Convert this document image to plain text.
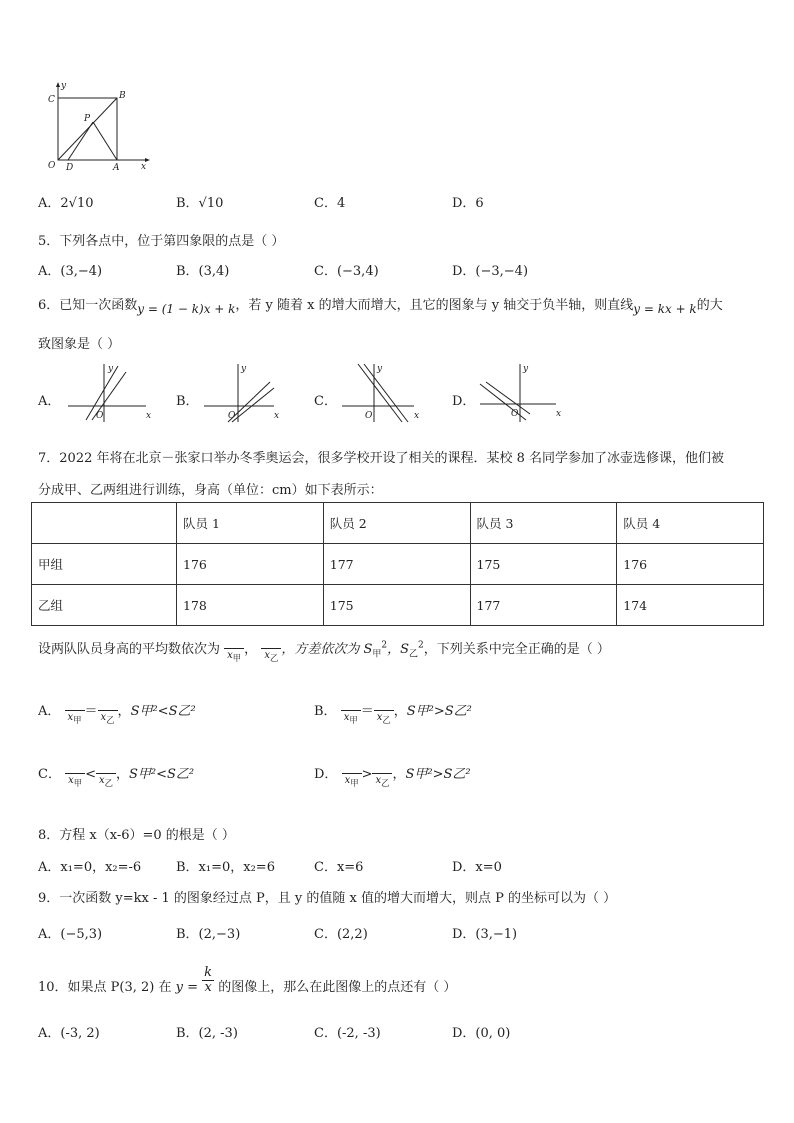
y
x
C	B
P
O D	A
A．2√10	B．√10	C．4	D．6
5．下列各点中，位于第四象限的点是（ ）
A．(3,−4)	B．(3,4)	C．(−3,4)	D．(−3,−4)
6．已知一次函数y = (1 − k)x + k，若 y 随着 x 的增大而增大，且它的图象与 y 轴交于负半轴，则直线y = kx + k的大
致图象是（ ）
A．
y
x
O
B．
y
x
O
C．
y
x
O
D．
y
x
O
7．2022 年将在北京－张家口举办冬季奥运会，很多学校开设了相关的课程．某校 8 名同学参加了冰壶选修课，他们被
分成甲、乙两组进行训练，身高（单位：cm）如下表所示：
	队员 1	队员 2	队员 3	队员 4
甲组	176	177	175	176
乙组	178	175	177	174
设两队队员身高的平均数依次为 $x_甲$
， $x_乙$
，方差依次为 $S_甲^2$，$S_乙^2$，下列关系中完全正确的是（ ）
A． $x_甲$
＝ $x_乙$
，S甲²<S乙²	B． $x_甲$
＝ $x_乙$
，S甲²>S乙²
C． $x_甲$
< $x_乙$
，S甲²<S乙²	D． $x_甲$
> $x_乙$
，S甲²>S乙²
8．方程 x（x-6）=0 的根是（ ）
A．x₁=0，x₂=-6	B．x₁=0，x₂=6	C．x=6	D．x=0
9．一次函数 y=kx - 1 的图象经过点 P，且 y 的值随 x 值的增大而增大，则点 P 的坐标可以为（ ）
A．(−5,3)	B．(2,−3)	C．(2,2)	D．(3,−1)
10．如果点 P(3, 2) 在 $y = \frac{k}{x}$ 的图像上，那么在此图像上的点还有（ ）
A．(-3, 2)	B．(2, -3)	C．(-2, -3)	D．(0, 0)
